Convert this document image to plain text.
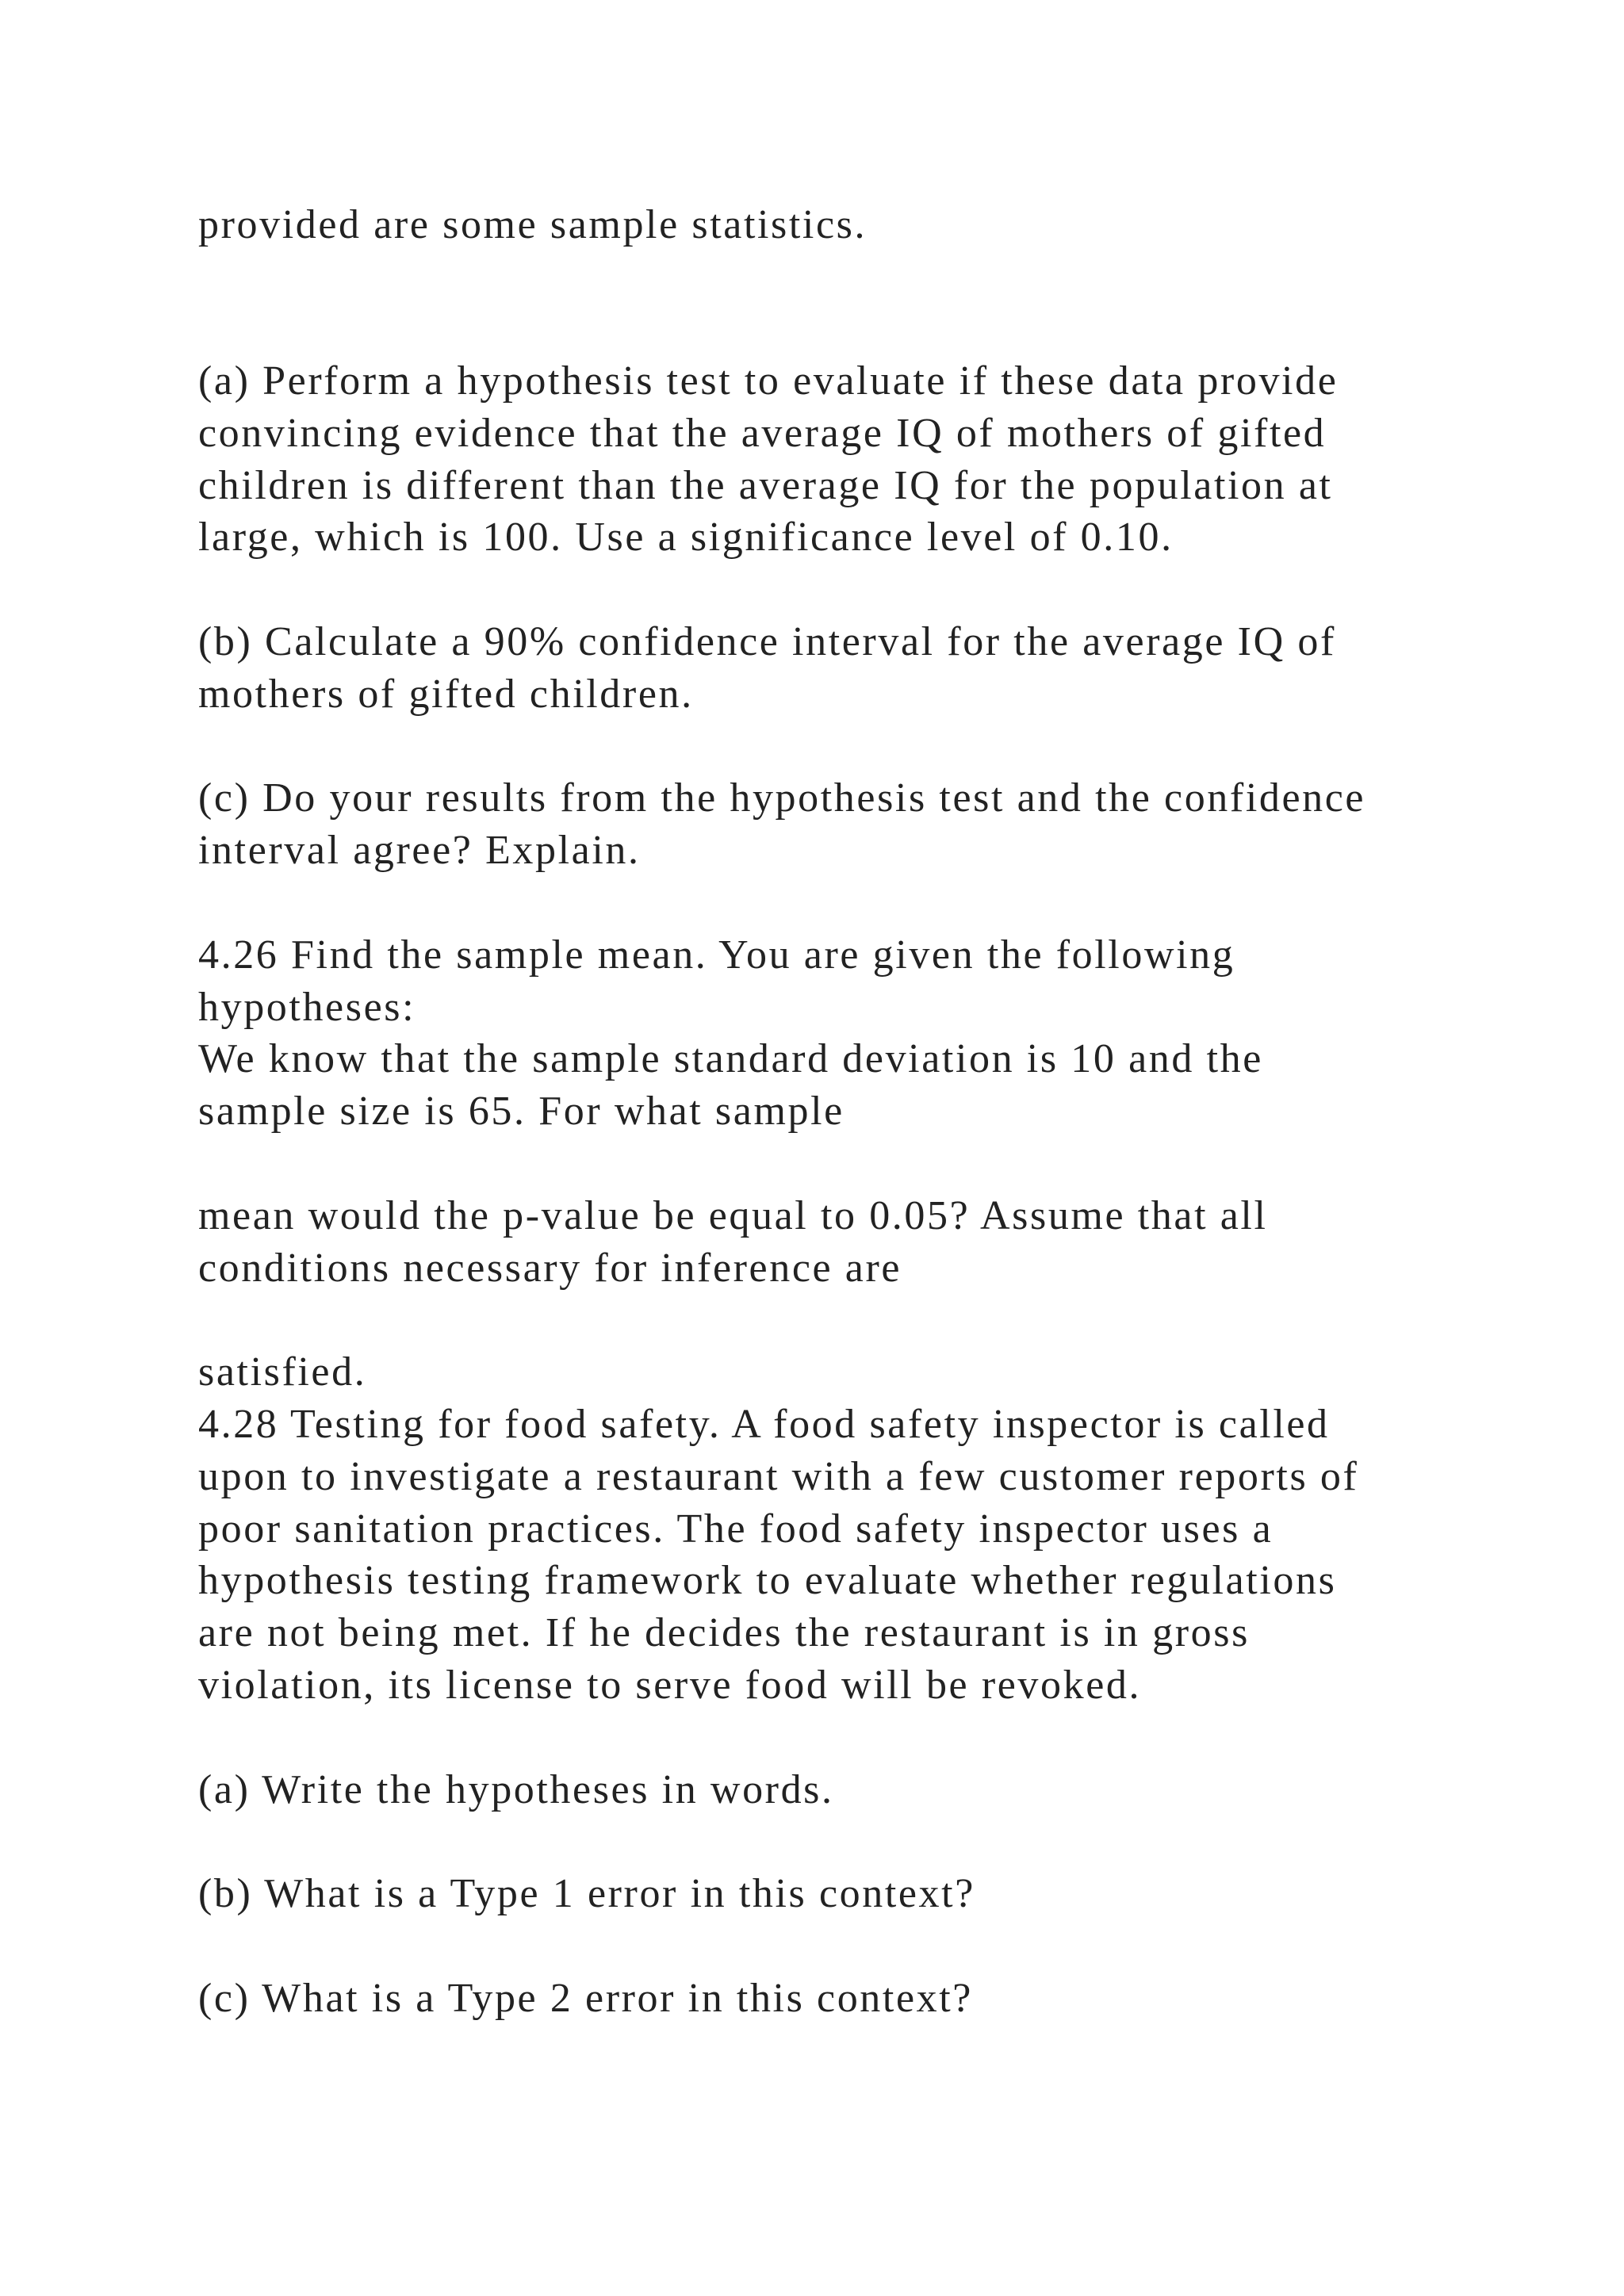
provided are some sample statistics.

(a) Perform a hypothesis test to evaluate if these data provide

convincing evidence that the average IQ of mothers of gifted

children is different than the average IQ for the population at

large, which is 100. Use a significance level of 0.10.

(b) Calculate a 90% confidence interval for the average IQ of

mothers of gifted children.

(c) Do your results from the hypothesis test and the confidence

interval agree? Explain.

4.26 Find the sample mean. You are given the following

hypotheses:

We know that the sample standard deviation is 10 and the

sample size is 65. For what sample

mean would the p-value be equal to 0.05? Assume that all

conditions necessary for inference are

satisfied.

4.28 Testing for food safety. A food safety inspector is called

upon to investigate a restaurant with a few customer reports of

poor sanitation practices. The food safety inspector uses a

hypothesis testing framework to evaluate whether regulations

are not being met. If he decides the restaurant is in gross

violation, its license to serve food will be revoked.

(a) Write the hypotheses in words.

(b) What is a Type 1 error in this context?

(c) What is a Type 2 error in this context?
